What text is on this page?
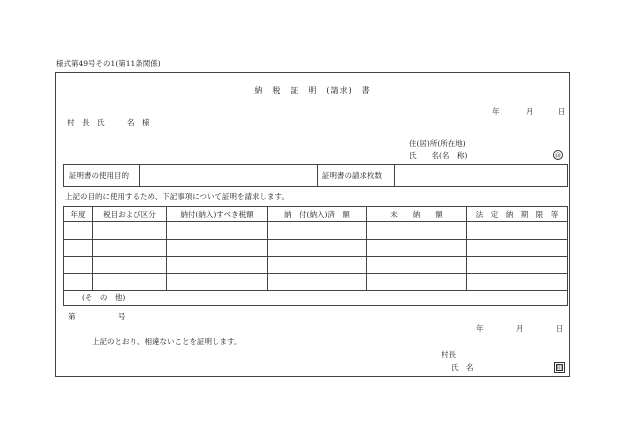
様式第49号その1(第11条関係)
納　税　証　明　(請求)　書
年	月	日
村　長　氏　　　名　様
住(居)所(所在地)
氏　　名(名　称)	㊞
証明書の使用目的	証明書の請求枚数
上記の目的に使用するため、下記事項について証明を請求します。
年度	税目および区分	納付(納入)すべき税額	納　付(納入)済　額	未　　納　　額	法　定　納　期　限　等
(そ　の　他)
第	号
年	月	日
上記のとおり、相違ないことを証明します。
村長
氏　名	印
